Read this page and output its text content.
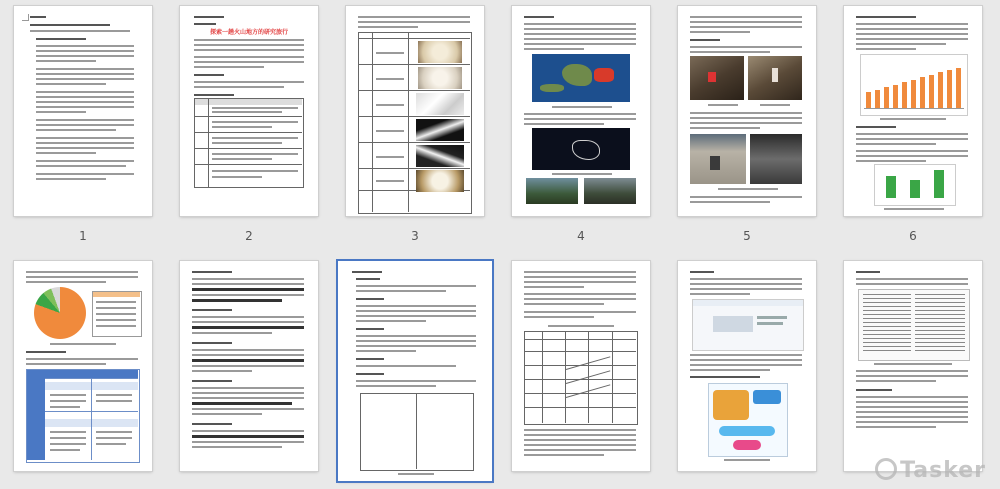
1
探索一趟火山地方的研究旅行
2	3	4	5	6
Tasker
